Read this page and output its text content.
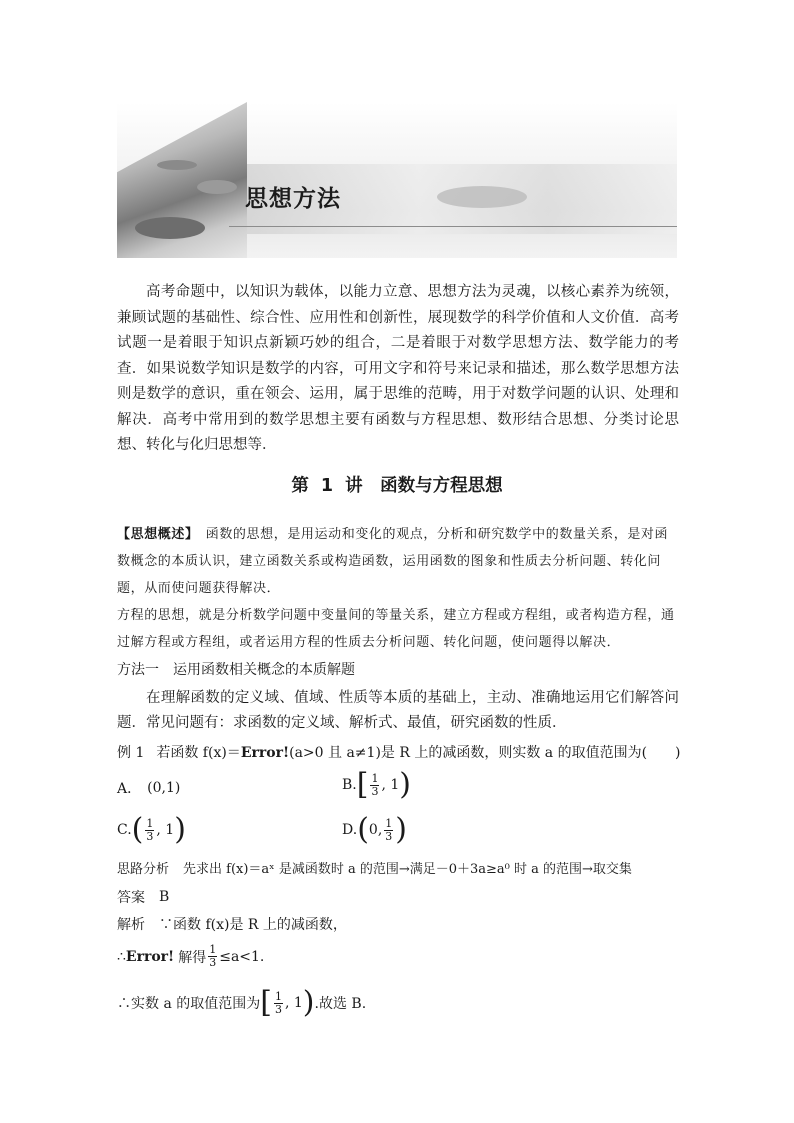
思想方法

高考命题中，以知识为载体，以能力立意、思想方法为灵魂，以核心素养为统领，兼顾试题的基础性、综合性、应用性和创新性，展现数学的科学价值和人文价值．高考试题一是着眼于知识点新颖巧妙的组合，二是着眼于对数学思想方法、数学能力的考查．如果说数学知识是数学的内容，可用文字和符号来记录和描述，那么数学思想方法则是数学的意识，重在领会、运用，属于思维的范畴，用于对数学问题的认识、处理和解决．高考中常用到的数学思想主要有函数与方程思想、数形结合思想、分类讨论思想、转化与化归思想等．

第 1 讲　函数与方程思想

【思想概述】　 函数的思想，是用运动和变化的观点，分析和研究数学中的数量关系，是对函数概念的本质认识，建立函数关系或构造函数，运用函数的图象和性质去分析问题、转化问题，从而使问题获得解决．

方程的思想，就是分析数学问题中变量间的等量关系，建立方程或方程组，或者构造方程，通过解方程或方程组，或者运用方程的性质去分析问题、转化问题，使问题得以解决．

方法一 运用函数相关概念的本质解题

在理解函数的定义域、值域、性质等本质的基础上，主动、准确地运用它们解答问题．常见问题有：求函数的定义域、解析式、最值，研究函数的性质．

例 1 若函数 f(x)＝Error!(a>0 且 a≠1)是 R 上的减函数，则实数 a 的取值范围为(　　)
A． (0,1)	B. [ $\frac{1}{3}$ , 1 )
C. ( $\frac{1}{3}$ , 1 )	D. ( 0, $\frac{1}{3}$ )
思路分析 先求出 f(x)＝aˣ 是减函数时 a 的范围→满足－0＋3a≥a⁰ 时 a 的范围→取交集
答案 B
解析 ∵函数 f(x)是 R 上的减函数，
∴ Error! 解得 $\frac{1}{3} \le a<1$.
∴实数 a 的取值范围为 [ $\frac{1}{3}$ , 1 ) .故选 B.
